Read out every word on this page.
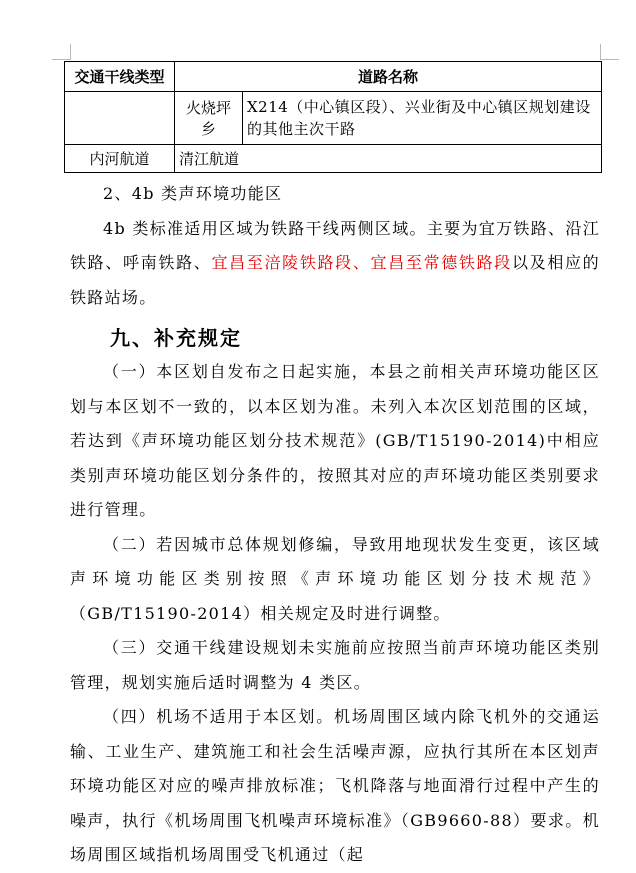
交通干线类型	道路名称	
	火烧坪乡	X214（中心镇区段）、兴业街及中心镇区规划建设的其他主次干路
内河航道	清江航道	

2、4b 类声环境功能区

4b 类标准适用区域为铁路干线两侧区域。主要为宜万铁路、沿江铁路、呼南铁路、宜昌至涪陵铁路段、宜昌至常德铁路段以及相应的铁路站场。

九、补充规定

（一）本区划自发布之日起实施，本县之前相关声环境功能区区划与本区划不一致的，以本区划为准。未列入本次区划范围的区域，若达到《声环境功能区划分技术规范》(GB/T15190-2014)中相应类别声环境功能区划分条件的，按照其对应的声环境功能区类别要求进行管理。

（二）若因城市总体规划修编，导致用地现状发生变更，该区域声环境功能区类别按照《声环境功能区划分技术规范》（GB/T15190-2014）相关规定及时进行调整。

（三）交通干线建设规划未实施前应按照当前声环境功能区类别管理，规划实施后适时调整为 4 类区。

（四）机场不适用于本区划。机场周围区域内除飞机外的交通运输、工业生产、建筑施工和社会生活噪声源，应执行其所在本区划声环境功能区对应的噪声排放标准；飞机降落与地面滑行过程中产生的噪声，执行《机场周围飞机噪声环境标准》（GB9660-88）要求。机场周围区域指机场周围受飞机通过（起
